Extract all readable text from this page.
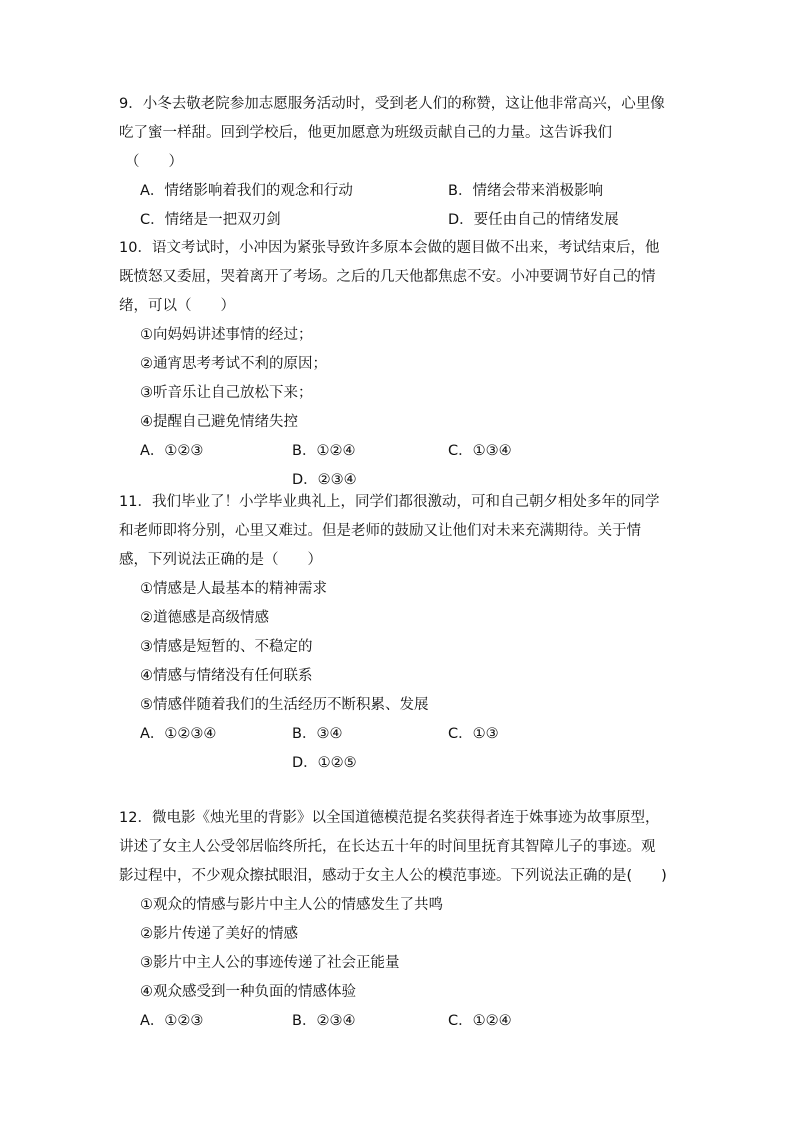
9．小冬去敬老院参加志愿服务活动时，受到老人们的称赞，这让他非常高兴，心里像
吃了蜜一样甜。回到学校后，他更加愿意为班级贡献自己的力量。这告诉我们
（　　）
A．情绪影响着我们的观念和行动	B．情绪会带来消极影响
C．情绪是一把双刃剑	D．要任由自己的情绪发展
10．语文考试时，小冲因为紧张导致许多原本会做的题目做不出来，考试结束后，他
既愤怒又委屈，哭着离开了考场。之后的几天他都焦虑不安。小冲要调节好自己的情
绪，可以（　　）
①向妈妈讲述事情的经过；
②通宵思考考试不利的原因；
③听音乐让自己放松下来；
④提醒自己避免情绪失控
A．①②③	B．①②④	C．①③④
D．②③④
11．我们毕业了！小学毕业典礼上，同学们都很激动，可和自己朝夕相处多年的同学
和老师即将分别，心里又难过。但是老师的鼓励又让他们对未来充满期待。关于情
感，下列说法正确的是（　　）
①情感是人最基本的精神需求
②道德感是高级情感
③情感是短暂的、不稳定的
④情感与情绪没有任何联系
⑤情感伴随着我们的生活经历不断积累、发展
A．①②③④	B．③④	C．①③
D．①②⑤
12．微电影《烛光里的背影》以全国道德模范提名奖获得者连于姝事迹为故事原型，
讲述了女主人公受邻居临终所托，在长达五十年的时间里抚育其智障儿子的事迹。观
影过程中，不少观众擦拭眼泪，感动于女主人公的模范事迹。下列说法正确的是(　　)
①观众的情感与影片中主人公的情感发生了共鸣
②影片传递了美好的情感
③影片中主人公的事迹传递了社会正能量
④观众感受到一种负面的情感体验
A．①②③	B．②③④	C．①②④
